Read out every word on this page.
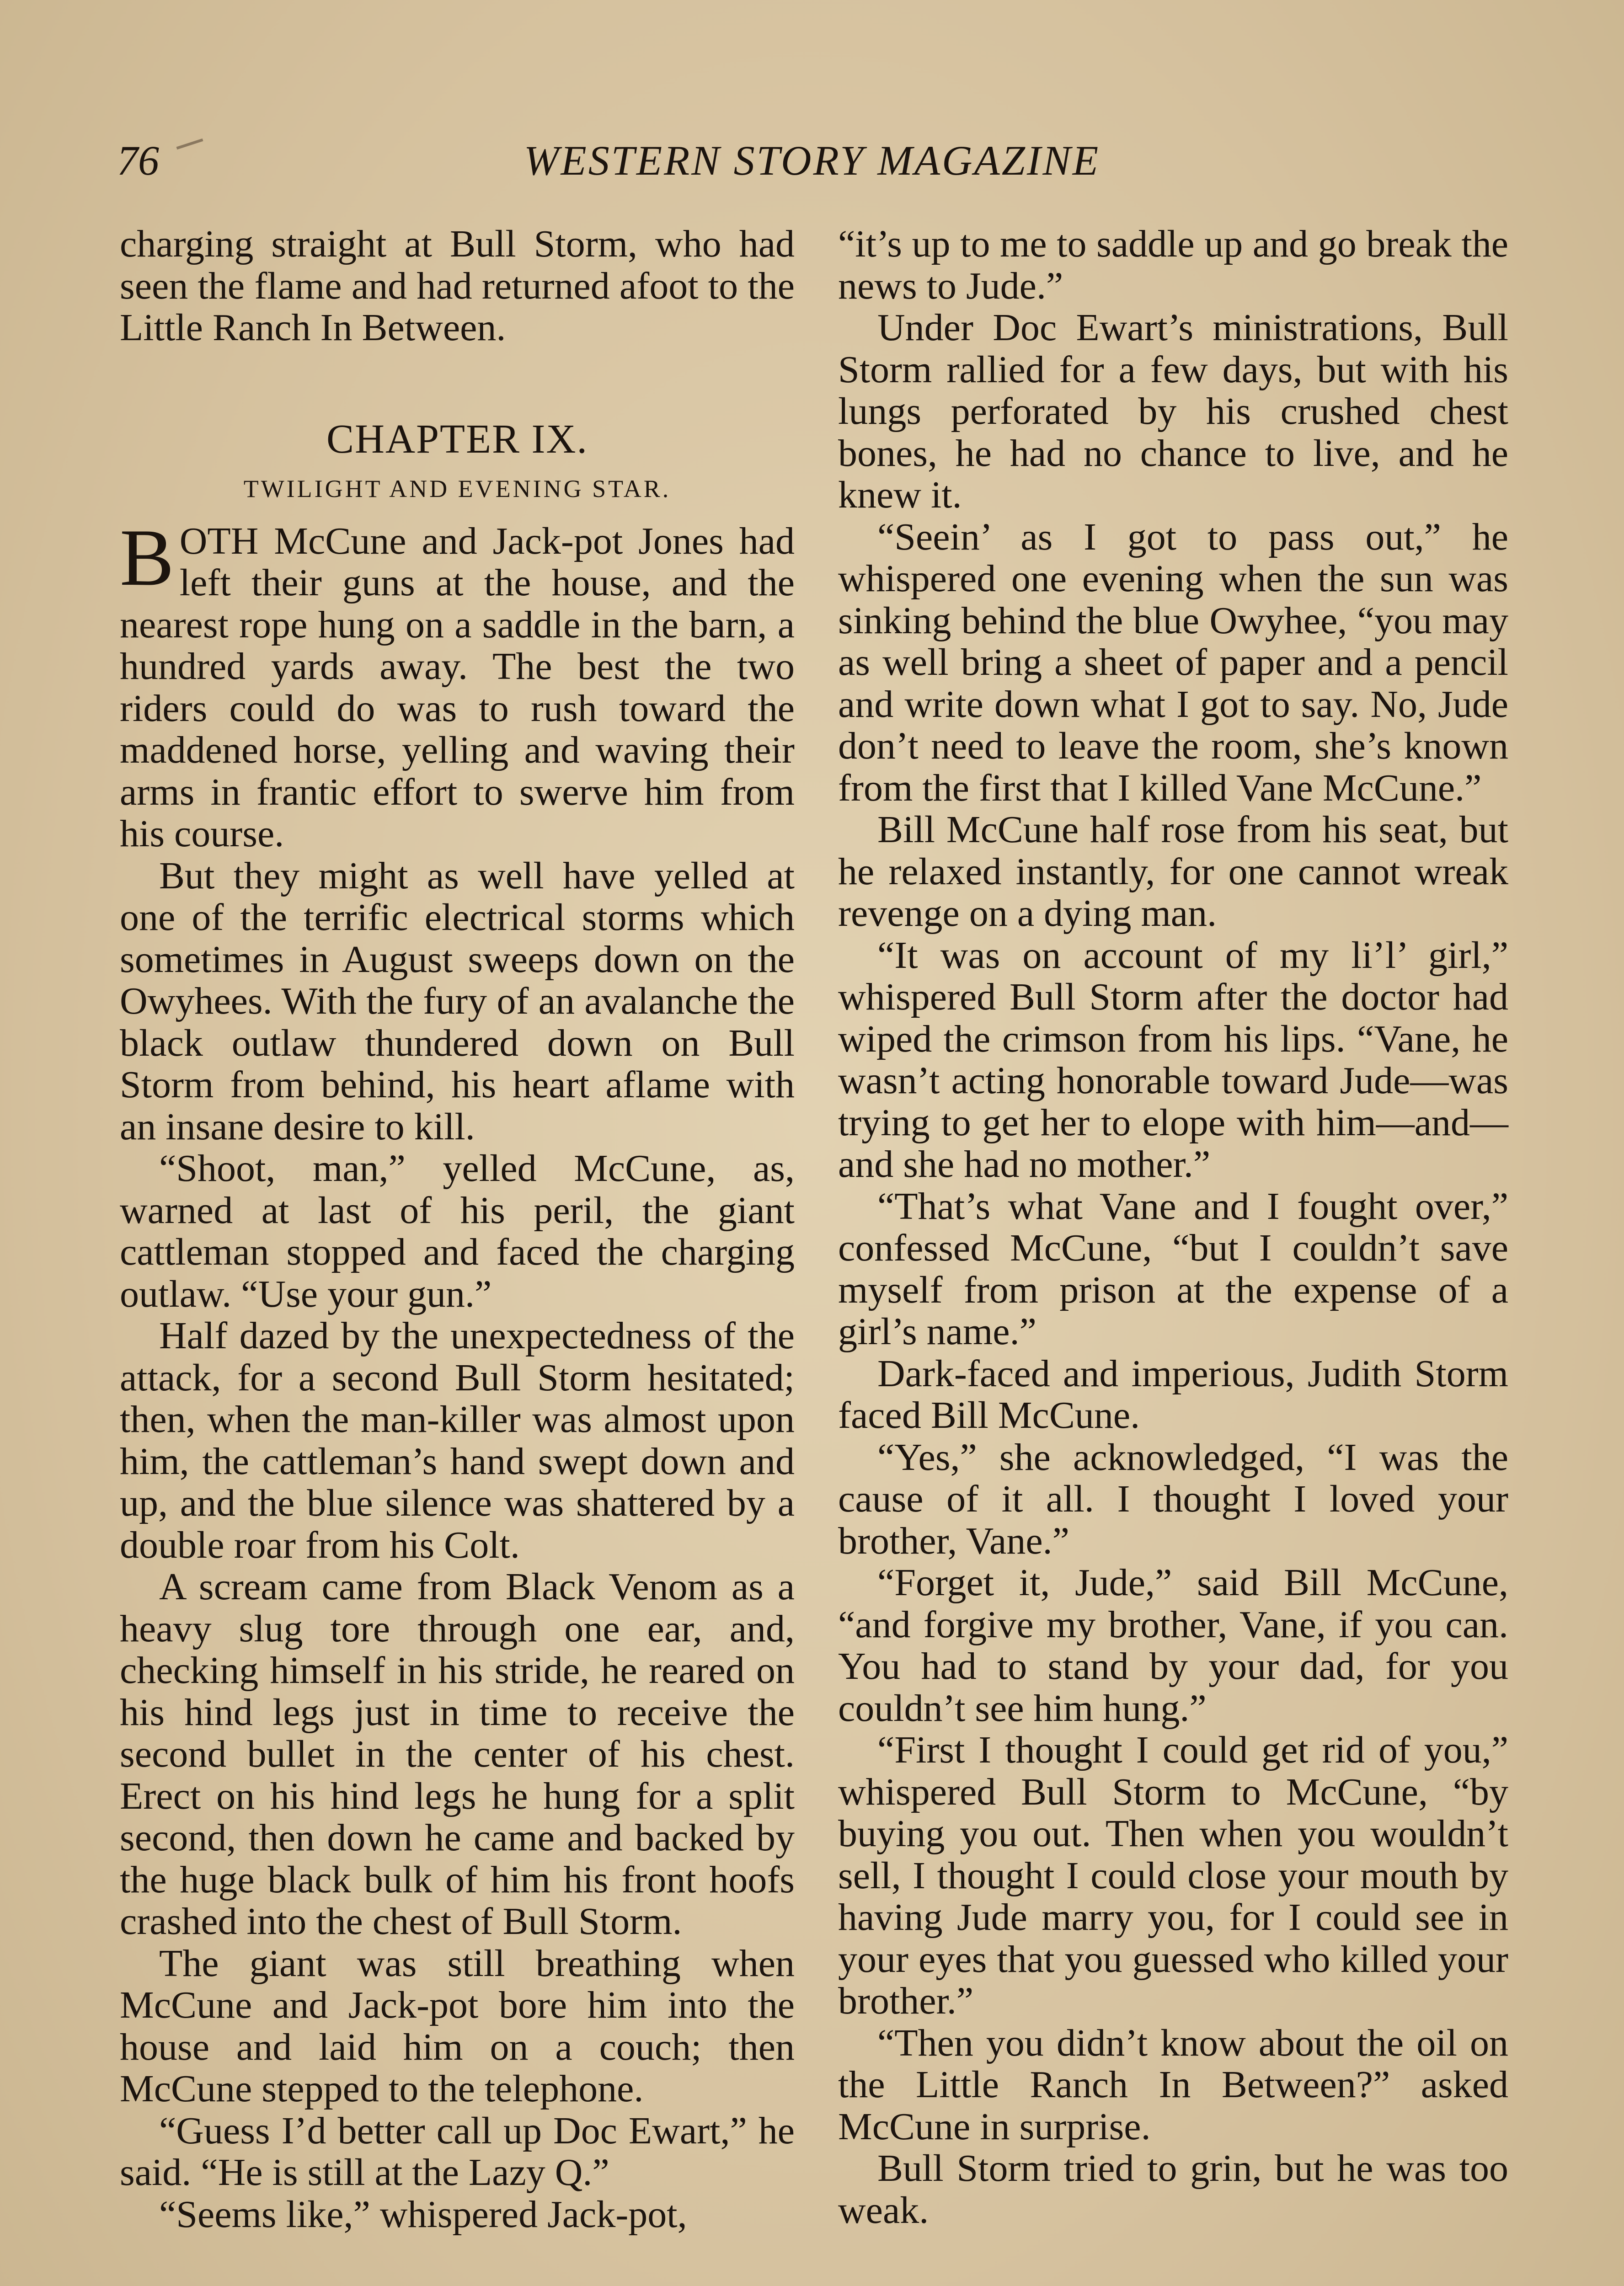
76	WESTERN STORY MAGAZINE

charging straight at Bull Storm, who had seen the flame and had returned afoot to the Little Ranch In Between.

CHAPTER IX.
TWILIGHT AND EVENING STAR.

BOTH McCune and Jack-pot Jones had left their guns at the house, and the nearest rope hung on a saddle in the barn, a hundred yards away. The best the two riders could do was to rush toward the maddened horse, yelling and waving their arms in frantic effort to swerve him from his course.

But they might as well have yelled at one of the terrific electrical storms which sometimes in August sweeps down on the Owyhees. With the fury of an avalanche the black outlaw thundered down on Bull Storm from behind, his heart aflame with an insane desire to kill.

“Shoot, man,” yelled McCune, as, warned at last of his peril, the giant cattleman stopped and faced the charging outlaw. “Use your gun.”

Half dazed by the unexpectedness of the attack, for a second Bull Storm hesitated; then, when the man-killer was almost upon him, the cattleman’s hand swept down and up, and the blue silence was shattered by a double roar from his Colt.

A scream came from Black Venom as a heavy slug tore through one ear, and, checking himself in his stride, he reared on his hind legs just in time to receive the second bullet in the center of his chest. Erect on his hind legs he hung for a split second, then down he came and backed by the huge black bulk of him his front hoofs crashed into the chest of Bull Storm.

The giant was still breathing when McCune and Jack-pot bore him into the house and laid him on a couch; then McCune stepped to the telephone.

“Guess I’d better call up Doc Ewart,” he said. “He is still at the Lazy Q.”

“Seems like,” whispered Jack-pot,

“it’s up to me to saddle up and go break the news to Jude.”

Under Doc Ewart’s ministrations, Bull Storm rallied for a few days, but with his lungs perforated by his crushed chest bones, he had no chance to live, and he knew it.

“Seein’ as I got to pass out,” he whispered one evening when the sun was sinking behind the blue Owyhee, “you may as well bring a sheet of paper and a pencil and write down what I got to say. No, Jude don’t need to leave the room, she’s known from the first that I killed Vane McCune.”

Bill McCune half rose from his seat, but he relaxed instantly, for one cannot wreak revenge on a dying man.

“It was on account of my li’l’ girl,” whispered Bull Storm after the doctor had wiped the crimson from his lips. “Vane, he wasn’t acting honorable toward Jude—was trying to get her to elope with him—and—and she had no mother.”

“That’s what Vane and I fought over,” confessed McCune, “but I couldn’t save myself from prison at the expense of a girl’s name.”

Dark-faced and imperious, Judith Storm faced Bill McCune.

“Yes,” she acknowledged, “I was the cause of it all. I thought I loved your brother, Vane.”

“Forget it, Jude,” said Bill McCune, “and forgive my brother, Vane, if you can. You had to stand by your dad, for you couldn’t see him hung.”

“First I thought I could get rid of you,” whispered Bull Storm to McCune, “by buying you out. Then when you wouldn’t sell, I thought I could close your mouth by having Jude marry you, for I could see in your eyes that you guessed who killed your brother.”

“Then you didn’t know about the oil on the Little Ranch In Between?” asked McCune in surprise.

Bull Storm tried to grin, but he was too weak.
